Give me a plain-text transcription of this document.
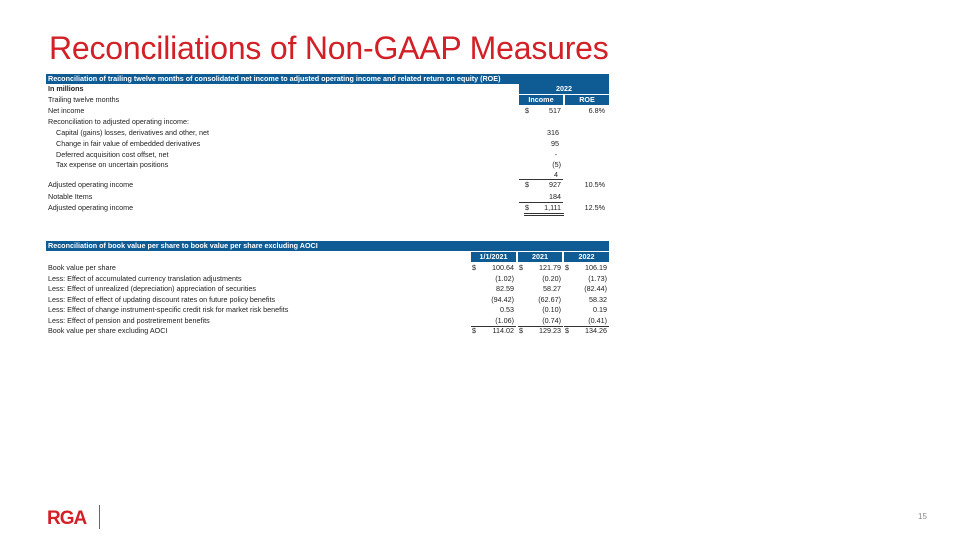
Reconciliations of Non-GAAP Measures
Reconciliation of trailing twelve months of consolidated net income to adjusted operating income and related return on equity (ROE)
In millions	2022
Trailing twelve months	Income	ROE
Net income	$	517	6.8%
Reconciliation to adjusted operating income:
Capital (gains) losses, derivatives and other, net	316
Change in fair value of embedded derivatives	95
Deferred acquisition cost offset, net	-
Tax expense on uncertain positions	(5)
4
Adjusted operating income	$	927	10.5%
Notable Items	184
Adjusted operating income	$ 1,111	12.5%
Reconciliation of book value per share to book value per share excluding AOCI
1/1/2021	2021	2022
Book value per share	$ 100.64 $ 121.79 $ 106.19
Less: Effect of accumulated currency translation adjustments	(1.02)	(0.20)	(1.73)
Less: Effect of unrealized (depreciation) appreciation of securities	82.59	58.27	(82.44)
Less: Effect of effect of updating discount rates on future policy benefits	(94.42)	(62.67)	58.32
Less: Effect of change instrument-specific credit risk for market risk benefits	0.53	(0.10)	0.19
Less: Effect of pension and postretirement benefits	(1.06)	(0.74)	(0.41)
Book value per share excluding AOCI	$ 114.02 $ 129.23 $ 134.26
RGA	15
